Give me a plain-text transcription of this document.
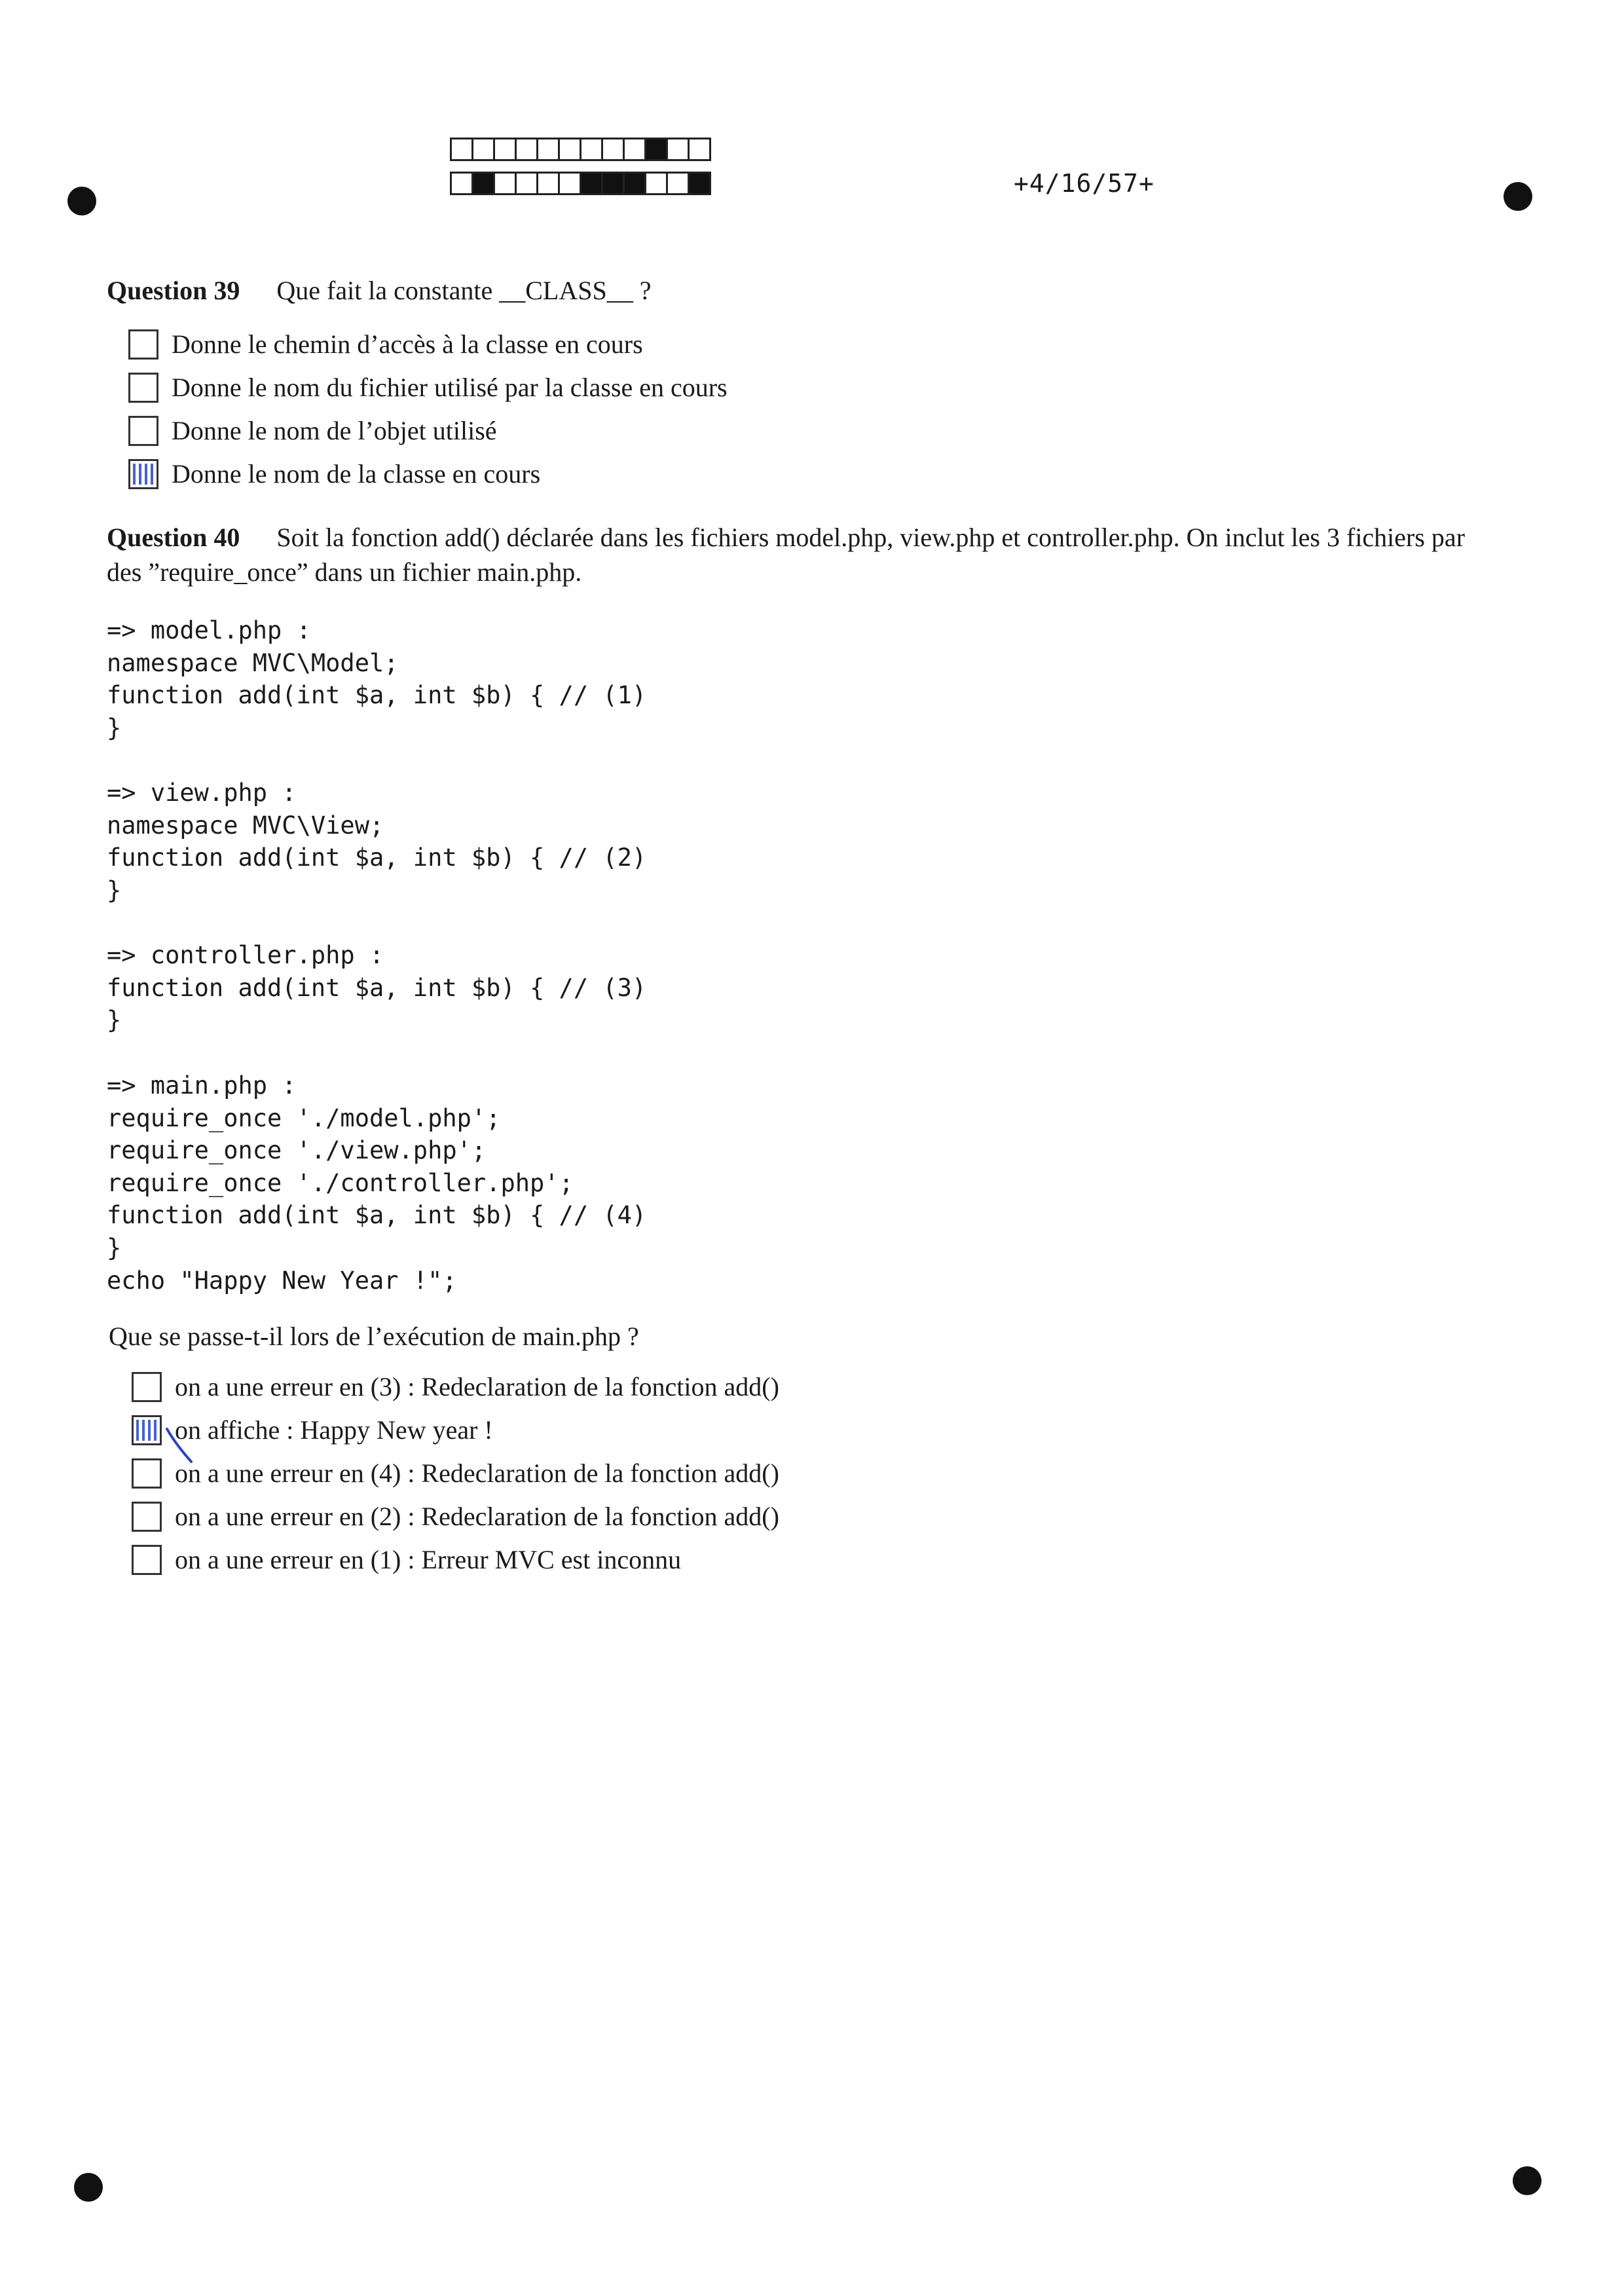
+4/16/57+
Question 39 Que fait la constante __CLASS__ ?
Donne le chemin d’accès à la classe en cours
Donne le nom du fichier utilisé par la classe en cours
Donne le nom de l’objet utilisé
Donne le nom de la classe en cours
Question 40 Soit la fonction add() déclarée dans les fichiers model.php, view.php et controller.php. On inclut les 3 fichiers par des ”require_once” dans un fichier main.php.
=> model.php :
namespace MVC\Model;
function add(int $a, int $b) { // (1)
}
=> view.php :
namespace MVC\View;
function add(int $a, int $b) { // (2)
}
=> controller.php :
function add(int $a, int $b) { // (3)
}
=> main.php :
require_once './model.php';
require_once './view.php';
require_once './controller.php';
function add(int $a, int $b) { // (4)
}
echo "Happy New Year !";
Que se passe-t-il lors de l’exécution de main.php ?
on a une erreur en (3) : Redeclaration de la fonction add()
on affiche : Happy New year !
on a une erreur en (4) : Redeclaration de la fonction add()
on a une erreur en (2) : Redeclaration de la fonction add()
on a une erreur en (1) : Erreur MVC est inconnu
